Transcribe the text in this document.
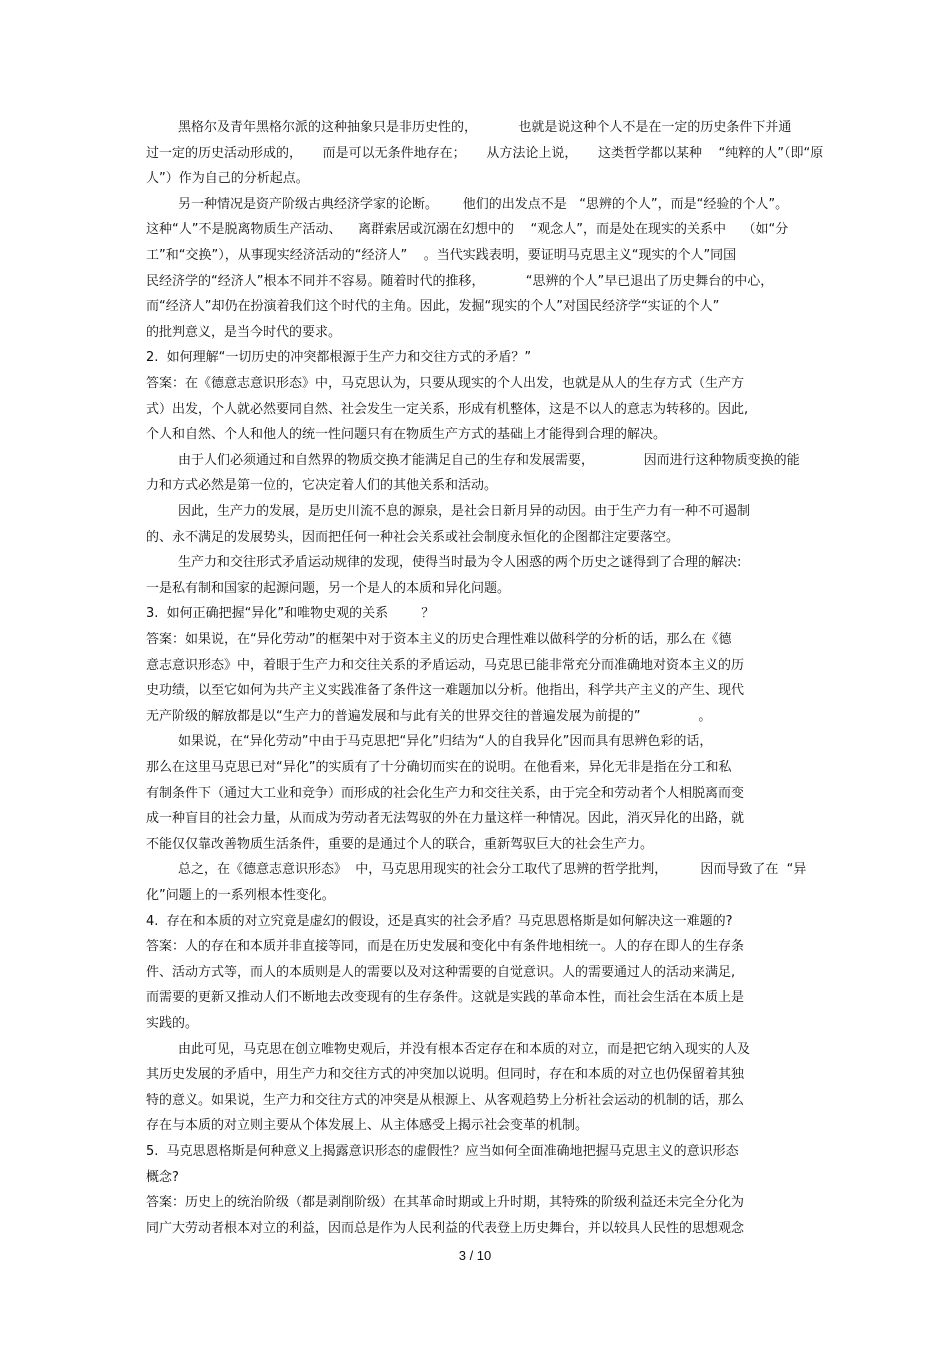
黑格尔及青年黑格尔派的这种抽象只是非历史性的，          也就是说这种个人不是在一定的历史条件下并通
过一定的历史活动形成的，     而是可以无条件地存在；     从方法论上说，     这类哲学都以某种    “纯粹的人”（即“原
人”）作为自己的分析起点。
另一种情况是资产阶级古典经济学家的论断。      他们的出发点不是   “思辨的个人”，而是“经验的个人”。
这种“人”不是脱离物质生产活动、    离群索居或沉溺在幻想中的    “观念人”，而是处在现实的关系中    （如“分
工”和“交换”），从事现实经济活动的“经济人”    。当代实践表明，要证明马克思主义“现实的个人”同国
民经济学的“经济人”根本不同并不容易。随着时代的推移，          “思辨的个人”早已退出了历史舞台的中心，
而“经济人”却仍在扮演着我们这个时代的主角。因此，发掘“现实的个人”对国民经济学“实证的个人”
的批判意义，是当今时代的要求。
2.  如何理解“一切历史的冲突都根源于生产力和交往方式的矛盾？”
答案：在《德意志意识形态》中，马克思认为，只要从现实的个人出发，也就是从人的生存方式（生产方
式）出发，个人就必然要同自然、社会发生一定关系，形成有机整体，这是不以人的意志为转移的。因此,
个人和自然、个人和他人的统一性问题只有在物质生产方式的基础上才能得到合理的解决。
由于人们必须通过和自然界的物质交换才能满足自己的生存和发展需要，            因而进行这种物质变换的能
力和方式必然是第一位的，它决定着人们的其他关系和活动。
因此，生产力的发展，是历史川流不息的源泉，是社会日新月异的动因。由于生产力有一种不可遏制
的、永不满足的发展势头，因而把任何一种社会关系或社会制度永恒化的企图都注定要落空。
生产力和交往形式矛盾运动规律的发现，使得当时最为令人困惑的两个历史之谜得到了合理的解决:
一是私有制和国家的起源问题，另一个是人的本质和异化问题。
3.  如何正确把握“异化”和唯物史观的关系        ？
答案：如果说，在“异化劳动”的框架中对于资本主义的历史合理性难以做科学的分析的话，那么在《德
意志意识形态》中，着眼于生产力和交往关系的矛盾运动，马克思已能非常充分而准确地对资本主义的历
史功绩，以至它如何为共产主义实践准备了条件这一难题加以分析。他指出，科学共产主义的产生、现代
无产阶级的解放都是以“生产力的普遍发展和与此有关的世界交往的普遍发展为前提的”              。
如果说，在“异化劳动”中由于马克思把“异化”归结为“人的自我异化”因而具有思辨色彩的话，
那么在这里马克思已对“异化”的实质有了十分确切而实在的说明。在他看来，异化无非是指在分工和私
有制条件下（通过大工业和竞争）而形成的社会化生产力和交往关系，由于完全和劳动者个人相脱离而变
成一种盲目的社会力量，从而成为劳动者无法驾驭的外在力量这样一种情况。因此，消灭异化的出路，就
不能仅仅靠改善物质生活条件，重要的是通过个人的联合，重新驾驭巨大的社会生产力。
总之，在《德意志意识形态》  中，马克思用现实的社会分工取代了思辨的哲学批判，        因而导致了在  “异
化”问题上的一系列根本性变化。
4.  存在和本质的对立究竟是虚幻的假设，还是真实的社会矛盾？马克思恩格斯是如何解决这一难题的?
答案：人的存在和本质并非直接等同，而是在历史发展和变化中有条件地相统一。人的存在即人的生存条
件、活动方式等，而人的本质则是人的需要以及对这种需要的自觉意识。人的需要通过人的活动来满足,
而需要的更新又推动人们不断地去改变现有的生存条件。这就是实践的革命本性，而社会生活在本质上是
实践的。
由此可见，马克思在创立唯物史观后，并没有根本否定存在和本质的对立，而是把它纳入现实的人及
其历史发展的矛盾中，用生产力和交往方式的冲突加以说明。但同时，存在和本质的对立也仍保留着其独
特的意义。如果说，生产力和交往方式的冲突是从根源上、从客观趋势上分析社会运动的机制的话，那么
存在与本质的对立则主要从个体发展上、从主体感受上揭示社会变革的机制。
5.  马克思恩格斯是何种意义上揭露意识形态的虚假性？应当如何全面准确地把握马克思主义的意识形态
概念?
答案：历史上的统治阶级（都是剥削阶级）在其革命时期或上升时期，其特殊的阶级利益还未完全分化为
同广大劳动者根本对立的利益，因而总是作为人民利益的代表登上历史舞台，并以较具人民性的思想观念
3 / 10
